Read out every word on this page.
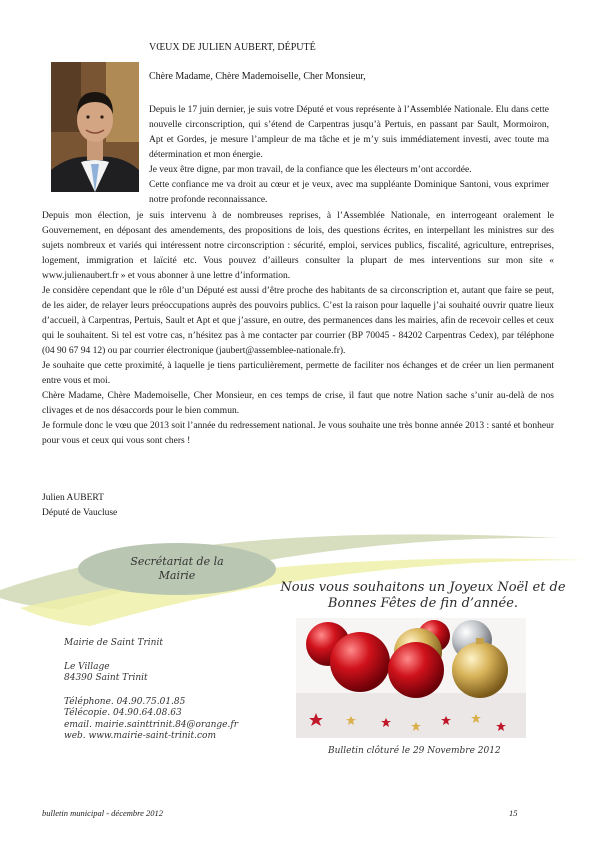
VŒUX DE JULIEN AUBERT, DÉPUTÉ
Chère Madame, Chère Mademoiselle, Cher Monsieur,

Depuis le 17 juin dernier, je suis votre Député et vous représente à l’Assemblée Nationale. Elu dans cette nouvelle circonscription, qui s’étend de Carpentras jusqu’à Pertuis, en passant par Sault, Mormoiron, Apt et Gordes, je mesure l’ampleur de ma tâche et je m’y suis immédiatement investi, avec toute ma détermination et mon énergie.

Je veux être digne, par mon travail, de la confiance que les électeurs m’ont accordée.

Cette confiance me va droit au cœur et je veux, avec ma suppléante Dominique Santoni, vous exprimer notre profonde reconnaissance.

Depuis mon élection, je suis intervenu à de nombreuses reprises, à l’Assemblée Nationale, en interrogeant oralement le Gouvernement, en déposant des amendements, des propositions de lois, des questions écrites, en interpellant les ministres sur des sujets nombreux et variés qui intéressent notre circonscription : sécurité, emploi, services publics, fiscalité, agriculture, entreprises, logement, immigration et laïcité etc. Vous pouvez d’ailleurs consulter la plupart de mes interventions sur mon site « www.julienaubert.fr » et vous abonner à une lettre d’information.

Je considère cependant que le rôle d’un Député est aussi d’être proche des habitants de sa circonscription et, autant que faire se peut, de les aider, de relayer leurs préoccupations auprès des pouvoirs publics. C’est la raison pour laquelle j’ai souhaité ouvrir quatre lieux d’accueil, à Carpentras, Pertuis, Sault et Apt et que j’assure, en outre, des permanences dans les mairies, afin de recevoir celles et ceux qui le souhaitent. Si tel est votre cas, n’hésitez pas à me contacter par courrier (BP 70045 - 84202 Carpentras Cedex), par téléphone (04 90 67 94 12) ou par courrier électronique (jaubert@assemblee-nationale.fr).

Je souhaite que cette proximité, à laquelle je tiens particulièrement, permette de faciliter nos échanges et de créer un lien permanent entre vous et moi.

Chère Madame, Chère Mademoiselle, Cher Monsieur, en ces temps de crise, il faut que notre Nation sache s’unir au-delà de nos clivages et de nos désaccords pour le bien commun.

Je formule donc le vœu que 2013 soit l’année du redressement national. Je vous souhaite une très bonne année 2013 : santé et bonheur pour vous et ceux qui vous sont chers !

Julien AUBERT
Député de Vaucluse
Secrétariat de la
Mairie
Nous vous souhaitons un Joyeux Noël et de
Bonnes Fêtes de fin d’année.
Mairie de Saint Trinit
Le Village
84390 Saint Trinit
Téléphone. 04.90.75.01.85
Télécopie. 04.90.64.08.63
email. mairie.sainttrinit.84@orange.fr
web. www.mairie-saint-trinit.com
Bulletin clôturé le 29 Novembre 2012
bulletin municipal - décembre 2012	15
